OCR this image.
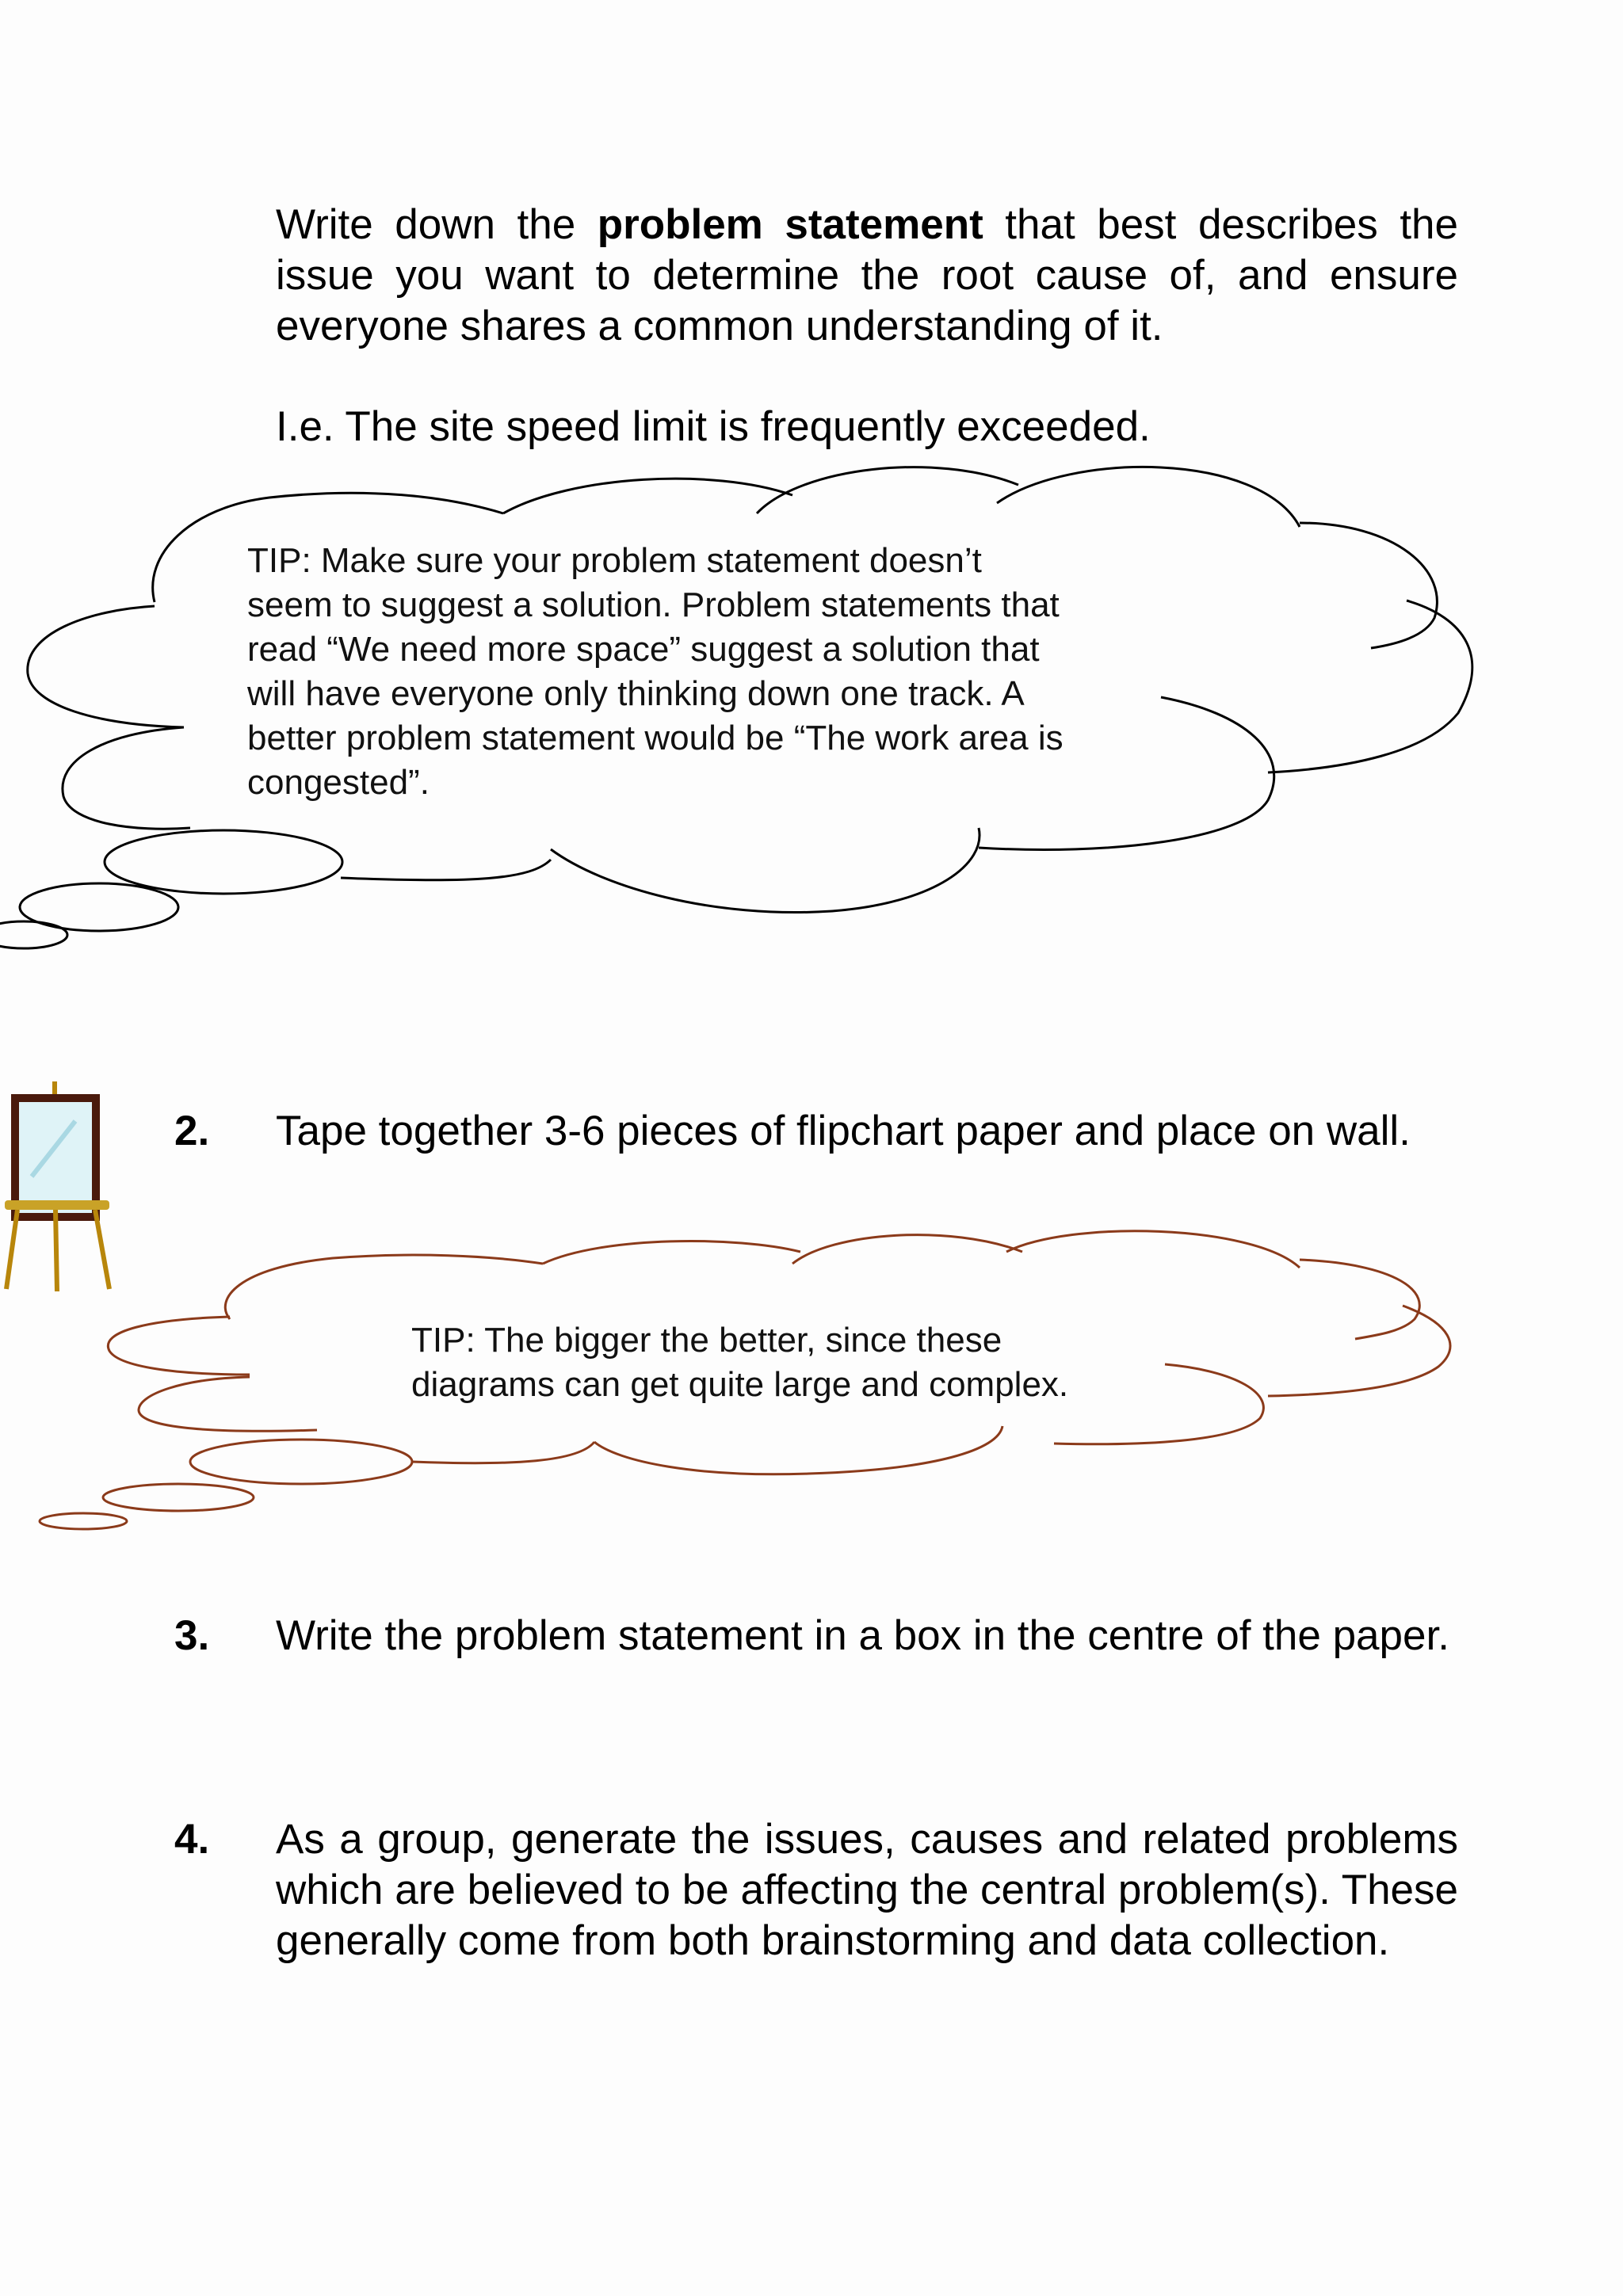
Write down the problem statement that best describes the issue you want to determine the root cause of, and ensure everyone shares a common understanding of it.
I.e. The site speed limit is frequently exceeded.
TIP: Make sure your problem statement doesn’t
seem to suggest a solution. Problem statements that
read “We need more space” suggest a solution that
will have everyone only thinking down one track. A
better problem statement would be “The work area is
congested”.
2. Tape together 3-6 pieces of flipchart paper and place on wall.
TIP: The bigger the better, since these
diagrams can get quite large and complex.
3. Write the problem statement in a box in the centre of the paper.
4. As a group, generate the issues, causes and related problems which are believed to be affecting the central problem(s). These generally come from both brainstorming and data collection.
